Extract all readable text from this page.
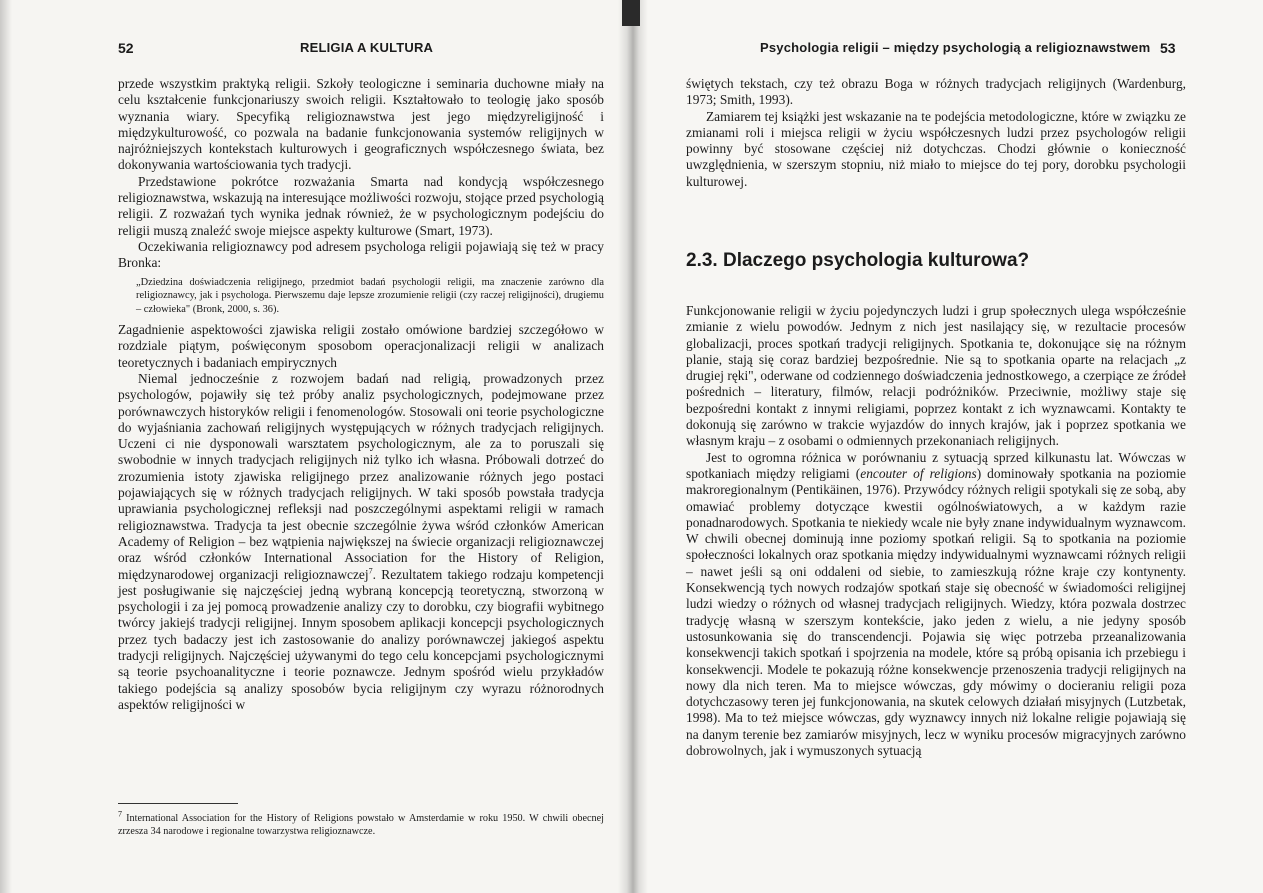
52	RELIGIA A KULTURA

przede wszystkim praktyką religii. Szkoły teologiczne i seminaria duchowne miały na celu kształcenie funkcjonariuszy swoich religii. Kształtowało to teologię jako sposób wyznania wiary. Specyfiką religioznawstwa jest jego międzyreligijność i międzykulturowość, co pozwala na badanie funkcjonowania systemów religijnych w najróżniejszych kontekstach kulturowych i geograficznych współczesnego świata, bez dokonywania wartościowania tych tradycji.

Przedstawione pokrótce rozważania Smarta nad kondycją współczesnego religioznawstwa, wskazują na interesujące możliwości rozwoju, stojące przed psychologią religii. Z rozważań tych wynika jednak również, że w psychologicznym podejściu do religii muszą znaleźć swoje miejsce aspekty kulturowe (Smart, 1973).

Oczekiwania religioznawcy pod adresem psychologa religii pojawiają się też w pracy Bronka:

„Dziedzina doświadczenia religijnego, przedmiot badań psychologii religii, ma znaczenie zarówno dla religioznawcy, jak i psychologa. Pierwszemu daje lepsze zrozumienie religii (czy raczej religijności), drugiemu – człowieka" (Bronk, 2000, s. 36).

Zagadnienie aspektowości zjawiska religii zostało omówione bardziej szczegółowo w rozdziale piątym, poświęconym sposobom operacjonalizacji religii w analizach teoretycznych i badaniach empirycznych

Niemal jednocześnie z rozwojem badań nad religią, prowadzonych przez psychologów, pojawiły się też próby analiz psychologicznych, podejmowane przez porównawczych historyków religii i fenomenologów. Stosowali oni teorie psychologiczne do wyjaśniania zachowań religijnych występujących w różnych tradycjach religijnych. Uczeni ci nie dysponowali warsztatem psychologicznym, ale za to poruszali się swobodnie w innych tradycjach religijnych niż tylko ich własna. Próbowali dotrzeć do zrozumienia istoty zjawiska religijnego przez analizowanie różnych jego postaci pojawiających się w różnych tradycjach religijnych. W taki sposób powstała tradycja uprawiania psychologicznej refleksji nad poszczególnymi aspektami religii w ramach religioznawstwa. Tradycja ta jest obecnie szczególnie żywa wśród członków American Academy of Religion – bez wątpienia największej na świecie organizacji religioznawczej oraz wśród członków International Association for the History of Religion, międzynarodowej organizacji religioznawczej$^7$. Rezultatem takiego rodzaju kompetencji jest posługiwanie się najczęściej jedną wybraną koncepcją teoretyczną, stworzoną w psychologii i za jej pomocą prowadzenie analizy czy to dorobku, czy biografii wybitnego twórcy jakiejś tradycji religijnej. Innym sposobem aplikacji koncepcji psychologicznych przez tych badaczy jest ich zastosowanie do analizy porównawczej jakiegoś aspektu tradycji religijnych. Najczęściej używanymi do tego celu koncepcjami psychologicznymi są teorie psychoanalityczne i teorie poznawcze. Jednym spośród wielu przykładów takiego podejścia są analizy sposobów bycia religijnym czy wyrazu różnorodnych aspektów religijności w

$^7$ International Association for the History of Religions powstało w Amsterdamie w roku 1950. W chwili obecnej zrzesza 34 narodowe i regionalne towarzystwa religioznawcze.
Psychologia religii – między psychologią a religioznawstwem 53

świętych tekstach, czy też obrazu Boga w różnych tradycjach religijnych (Wardenburg, 1973; Smith, 1993).

Zamiarem tej książki jest wskazanie na te podejścia metodologiczne, które w związku ze zmianami roli i miejsca religii w życiu współczesnych ludzi przez psychologów religii powinny być stosowane częściej niż dotychczas. Chodzi głównie o konieczność uwzględnienia, w szerszym stopniu, niż miało to miejsce do tej pory, dorobku psychologii kulturowej.

Funkcjonowanie religii w życiu pojedynczych ludzi i grup społecznych ulega współcześnie zmianie z wielu powodów. Jednym z nich jest nasilający się, w rezultacie procesów globalizacji, proces spotkań tradycji religijnych. Spotkania te, dokonujące się na różnym planie, stają się coraz bardziej bezpośrednie. Nie są to spotkania oparte na relacjach „z drugiej ręki", oderwane od codziennego doświadczenia jednostkowego, a czerpiące ze źródeł pośrednich – literatury, filmów, relacji podróżników. Przeciwnie, możliwy staje się bezpośredni kontakt z innymi religiami, poprzez kontakt z ich wyznawcami. Kontakty te dokonują się zarówno w trakcie wyjazdów do innych krajów, jak i poprzez spotkania we własnym kraju – z osobami o odmiennych przekonaniach religijnych.

Jest to ogromna różnica w porównaniu z sytuacją sprzed kilkunastu lat. Wówczas w spotkaniach między religiami (encouter of religions) dominowały spotkania na poziomie makroregionalnym (Pentikäinen, 1976). Przywódcy różnych religii spotykali się ze sobą, aby omawiać problemy dotyczące kwestii ogólnoświatowych, a w każdym razie ponadnarodowych. Spotkania te niekiedy wcale nie były znane indywidualnym wyznawcom. W chwili obecnej dominują inne poziomy spotkań religii. Są to spotkania na poziomie społeczności lokalnych oraz spotkania między indywidualnymi wyznawcami różnych religii – nawet jeśli są oni oddaleni od siebie, to zamieszkują różne kraje czy kontynenty. Konsekwencją tych nowych rodzajów spotkań staje się obecność w świadomości religijnej ludzi wiedzy o różnych od własnej tradycjach religijnych. Wiedzy, która pozwala dostrzec tradycję własną w szerszym kontekście, jako jeden z wielu, a nie jedyny sposób ustosunkowania się do transcendencji. Pojawia się więc potrzeba przeanalizowania konsekwencji takich spotkań i spojrzenia na modele, które są próbą opisania ich przebiegu i konsekwencji. Modele te pokazują różne konsekwencje przenoszenia tradycji religijnych na nowy dla nich teren. Ma to miejsce wówczas, gdy mówimy o docieraniu religii poza dotychczasowy teren jej funkcjonowania, na skutek celowych działań misyjnych (Lutzbetak, 1998). Ma to też miejsce wówczas, gdy wyznawcy innych niż lokalne religie pojawiają się na danym terenie bez zamiarów misyjnych, lecz w wyniku procesów migracyjnych zarówno dobrowolnych, jak i wymuszonych sytuacją

2.3. Dlaczego psychologia kulturowa?
